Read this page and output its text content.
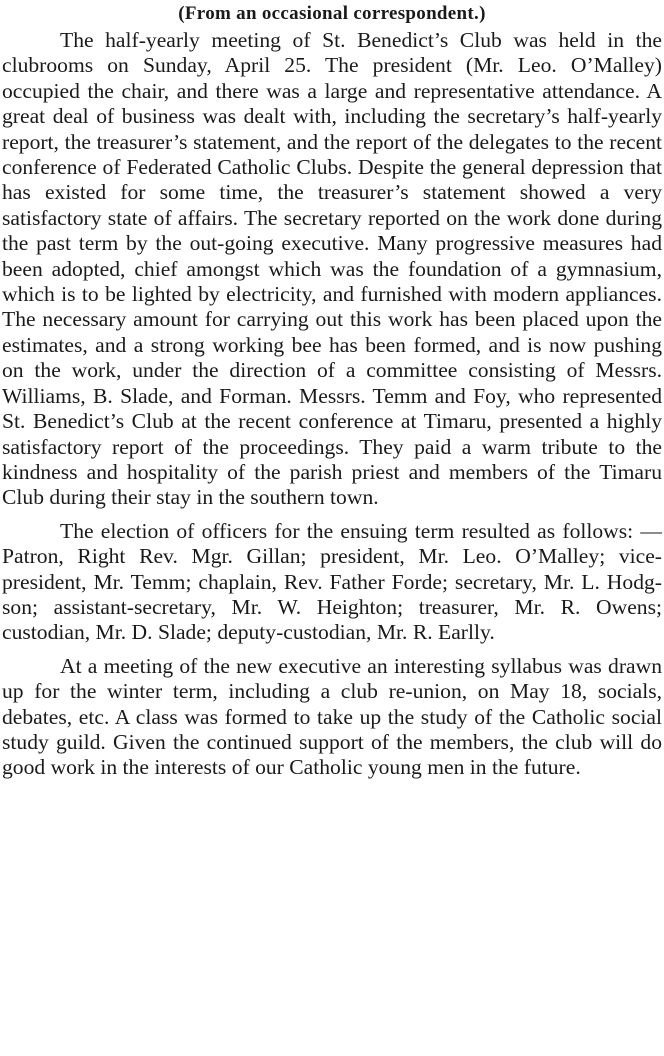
(From an occasional correspondent.)

The half-yearly meeting of St. Benedict’s Club was held in the clubrooms on Sunday, April 25. The president (Mr. Leo. O’Malley) occupied the chair, and there was a large and representative attendance. A great deal of business was dealt with, including the secretary’s half-yearly report, the treasurer’s statement, and the report of the delegates to the recent conference of Federated Catholic Clubs. Despite the general depression that has existed for some time, the treasurer’s statement showed a very satisfactory state of affairs. The secretary reported on the work done during the past term by the out-going executive. Many progressive measures had been adopted, chief amongst which was the foundation of a gymnasium, which is to be lighted by electricity, and furnished with modern appliances. The necessary amount for carrying out this work has been placed upon the estimates, and a strong working bee has been formed, and is now pushing on the work, under the direction of a committee consisting of Messrs. Williams, B. Slade, and Forman. Messrs. Temm and Foy, who represented St. Benedict’s Club at the recent conference at Timaru, presented a highly satisfactory report of the proceedings. They paid a warm tribute to the kindness and hospitality of the parish priest and members of the Timaru Club during their stay in the southern town.

The election of officers for the ensuing term resulted as follows: —Patron, Right Rev. Mgr. Gillan; president, Mr. Leo. O’Malley; vice-president, Mr. Temm; chaplain, Rev. Father Forde; secretary, Mr. L. Hodgson; assistant-secretary, Mr. W. Heighton; treasurer, Mr. R. Owens; custodian, Mr. D. Slade; deputy-custodian, Mr. R. Earlly.

At a meeting of the new executive an interesting syllabus was drawn up for the winter term, including a club re-union, on May 18, socials, debates, etc. A class was formed to take up the study of the Catholic social study guild. Given the continued support of the members, the club will do good work in the interests of our Catholic young men in the future.
